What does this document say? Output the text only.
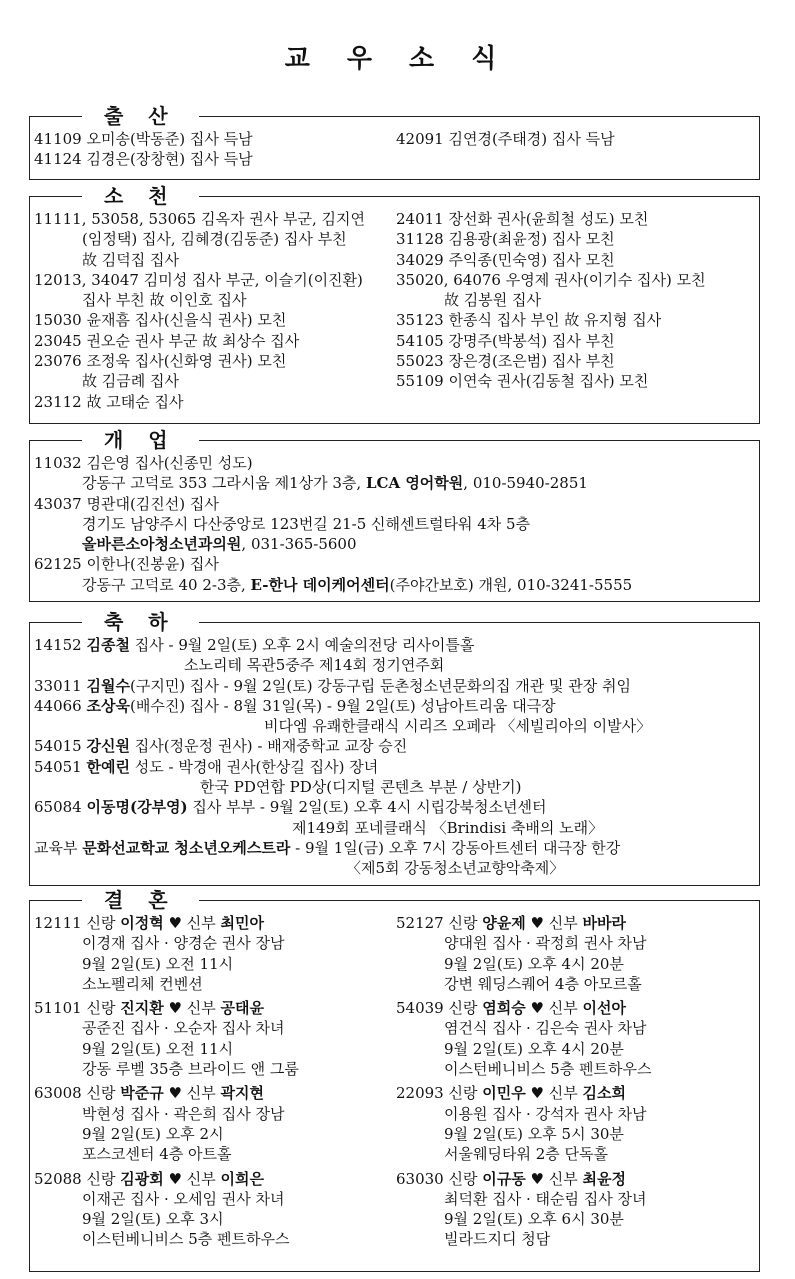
교 우 소 식
출 산
41109 오미송(박동준) 집사 득남
41124 김경은(장창현) 집사 득남
42091 김연경(주태경) 집사 득남
소 천
11111, 53058, 53065 김옥자 권사 부군, 김지연
(임정택) 집사, 김혜경(김동준) 집사 부친
故 김덕집 집사
12013, 34047 김미성 집사 부군, 이슬기(이진환)
집사 부친 故 이인호 집사
15030 윤재흠 집사(신을식 권사) 모친
23045 권오순 권사 부군 故 최상수 집사
23076 조정욱 집사(신화영 권사) 모친
故 김금례 집사
23112 故 고태순 집사
24011 장선화 권사(윤희철 성도) 모친
31128 김용광(최윤정) 집사 모친
34029 주익종(민숙영) 집사 모친
35020, 64076 우영제 권사(이기수 집사) 모친
故 김봉원 집사
35123 한종식 집사 부인 故 유지형 집사
54105 강명주(박봉석) 집사 부친
55023 장은경(조은범) 집사 부친
55109 이연숙 권사(김동철 집사) 모친
개 업
11032 김은영 집사(신종민 성도)
강동구 고덕로 353 그라시움 제1상가 3층, LCA 영어학원, 010-5940-2851
43037 명관대(김진선) 집사
경기도 남양주시 다산중앙로 123번길 21-5 신해센트럴타워 4차 5층
올바른소아청소년과의원, 031-365-5600
62125 이한나(진봉윤) 집사
강동구 고덕로 40 2-3층, E-한나 데이케어센터(주야간보호) 개원, 010-3241-5555
축 하
14152 김종철 집사 - 9월 2일(토) 오후 2시 예술의전당 리사이틀홀
소노리테 목관5중주 제14회 정기연주회
33011 김월수(구지민) 집사 - 9월 2일(토) 강동구립 둔촌청소년문화의집 개관 및 관장 취임
44066 조상욱(배수진) 집사 - 8월 31일(목) - 9월 2일(토) 성남아트리움 대극장
비다엠 유쾌한클래식 시리즈 오페라 〈세빌리아의 이발사〉
54015 강신원 집사(정운정 권사) - 배재중학교 교장 승진
54051 한예린 성도 - 박경애 권사(한상길 집사) 장녀
한국 PD연합 PD상(디지털 콘텐츠 부분 / 상반기)
65084 이동명(강부영) 집사 부부 - 9월 2일(토) 오후 4시 시립강북청소년센터
제149회 포네클래식 〈Brindisi 축배의 노래〉
교육부 문화선교학교 청소년오케스트라 - 9월 1일(금) 오후 7시 강동아트센터 대극장 한강
〈제5회 강동청소년교향악축제〉
결 혼
12111 신랑 이정혁 ♥ 신부 최민아
이경재 집사 · 양경순 권사 장남
9월 2일(토) 오전 11시
소노펠리체 컨벤션
51101 신랑 진지환 ♥ 신부 공태윤
공준진 집사 · 오순자 집사 차녀
9월 2일(토) 오전 11시
강동 루벨 35층 브라이드 앤 그룸
63008 신랑 박준규 ♥ 신부 곽지현
박현성 집사 · 곽은희 집사 장남
9월 2일(토) 오후 2시
포스코센터 4층 아트홀
52088 신랑 김광회 ♥ 신부 이희은
이재곤 집사 · 오세임 권사 차녀
9월 2일(토) 오후 3시
이스턴베니비스 5층 펜트하우스
52127 신랑 양윤제 ♥ 신부 바바라
양대원 집사 · 곽정희 권사 차남
9월 2일(토) 오후 4시 20분
강변 웨딩스퀘어 4층 아모르홀
54039 신랑 염희승 ♥ 신부 이선아
염건식 집사 · 김은숙 권사 차남
9월 2일(토) 오후 4시 20분
이스턴베니비스 5층 펜트하우스
22093 신랑 이민우 ♥ 신부 김소희
이용원 집사 · 강석자 권사 차남
9월 2일(토) 오후 5시 30분
서울웨딩타워 2층 단독홀
63030 신랑 이규동 ♥ 신부 최윤정
최덕환 집사 · 태순림 집사 장녀
9월 2일(토) 오후 6시 30분
빌라드지디 청담
